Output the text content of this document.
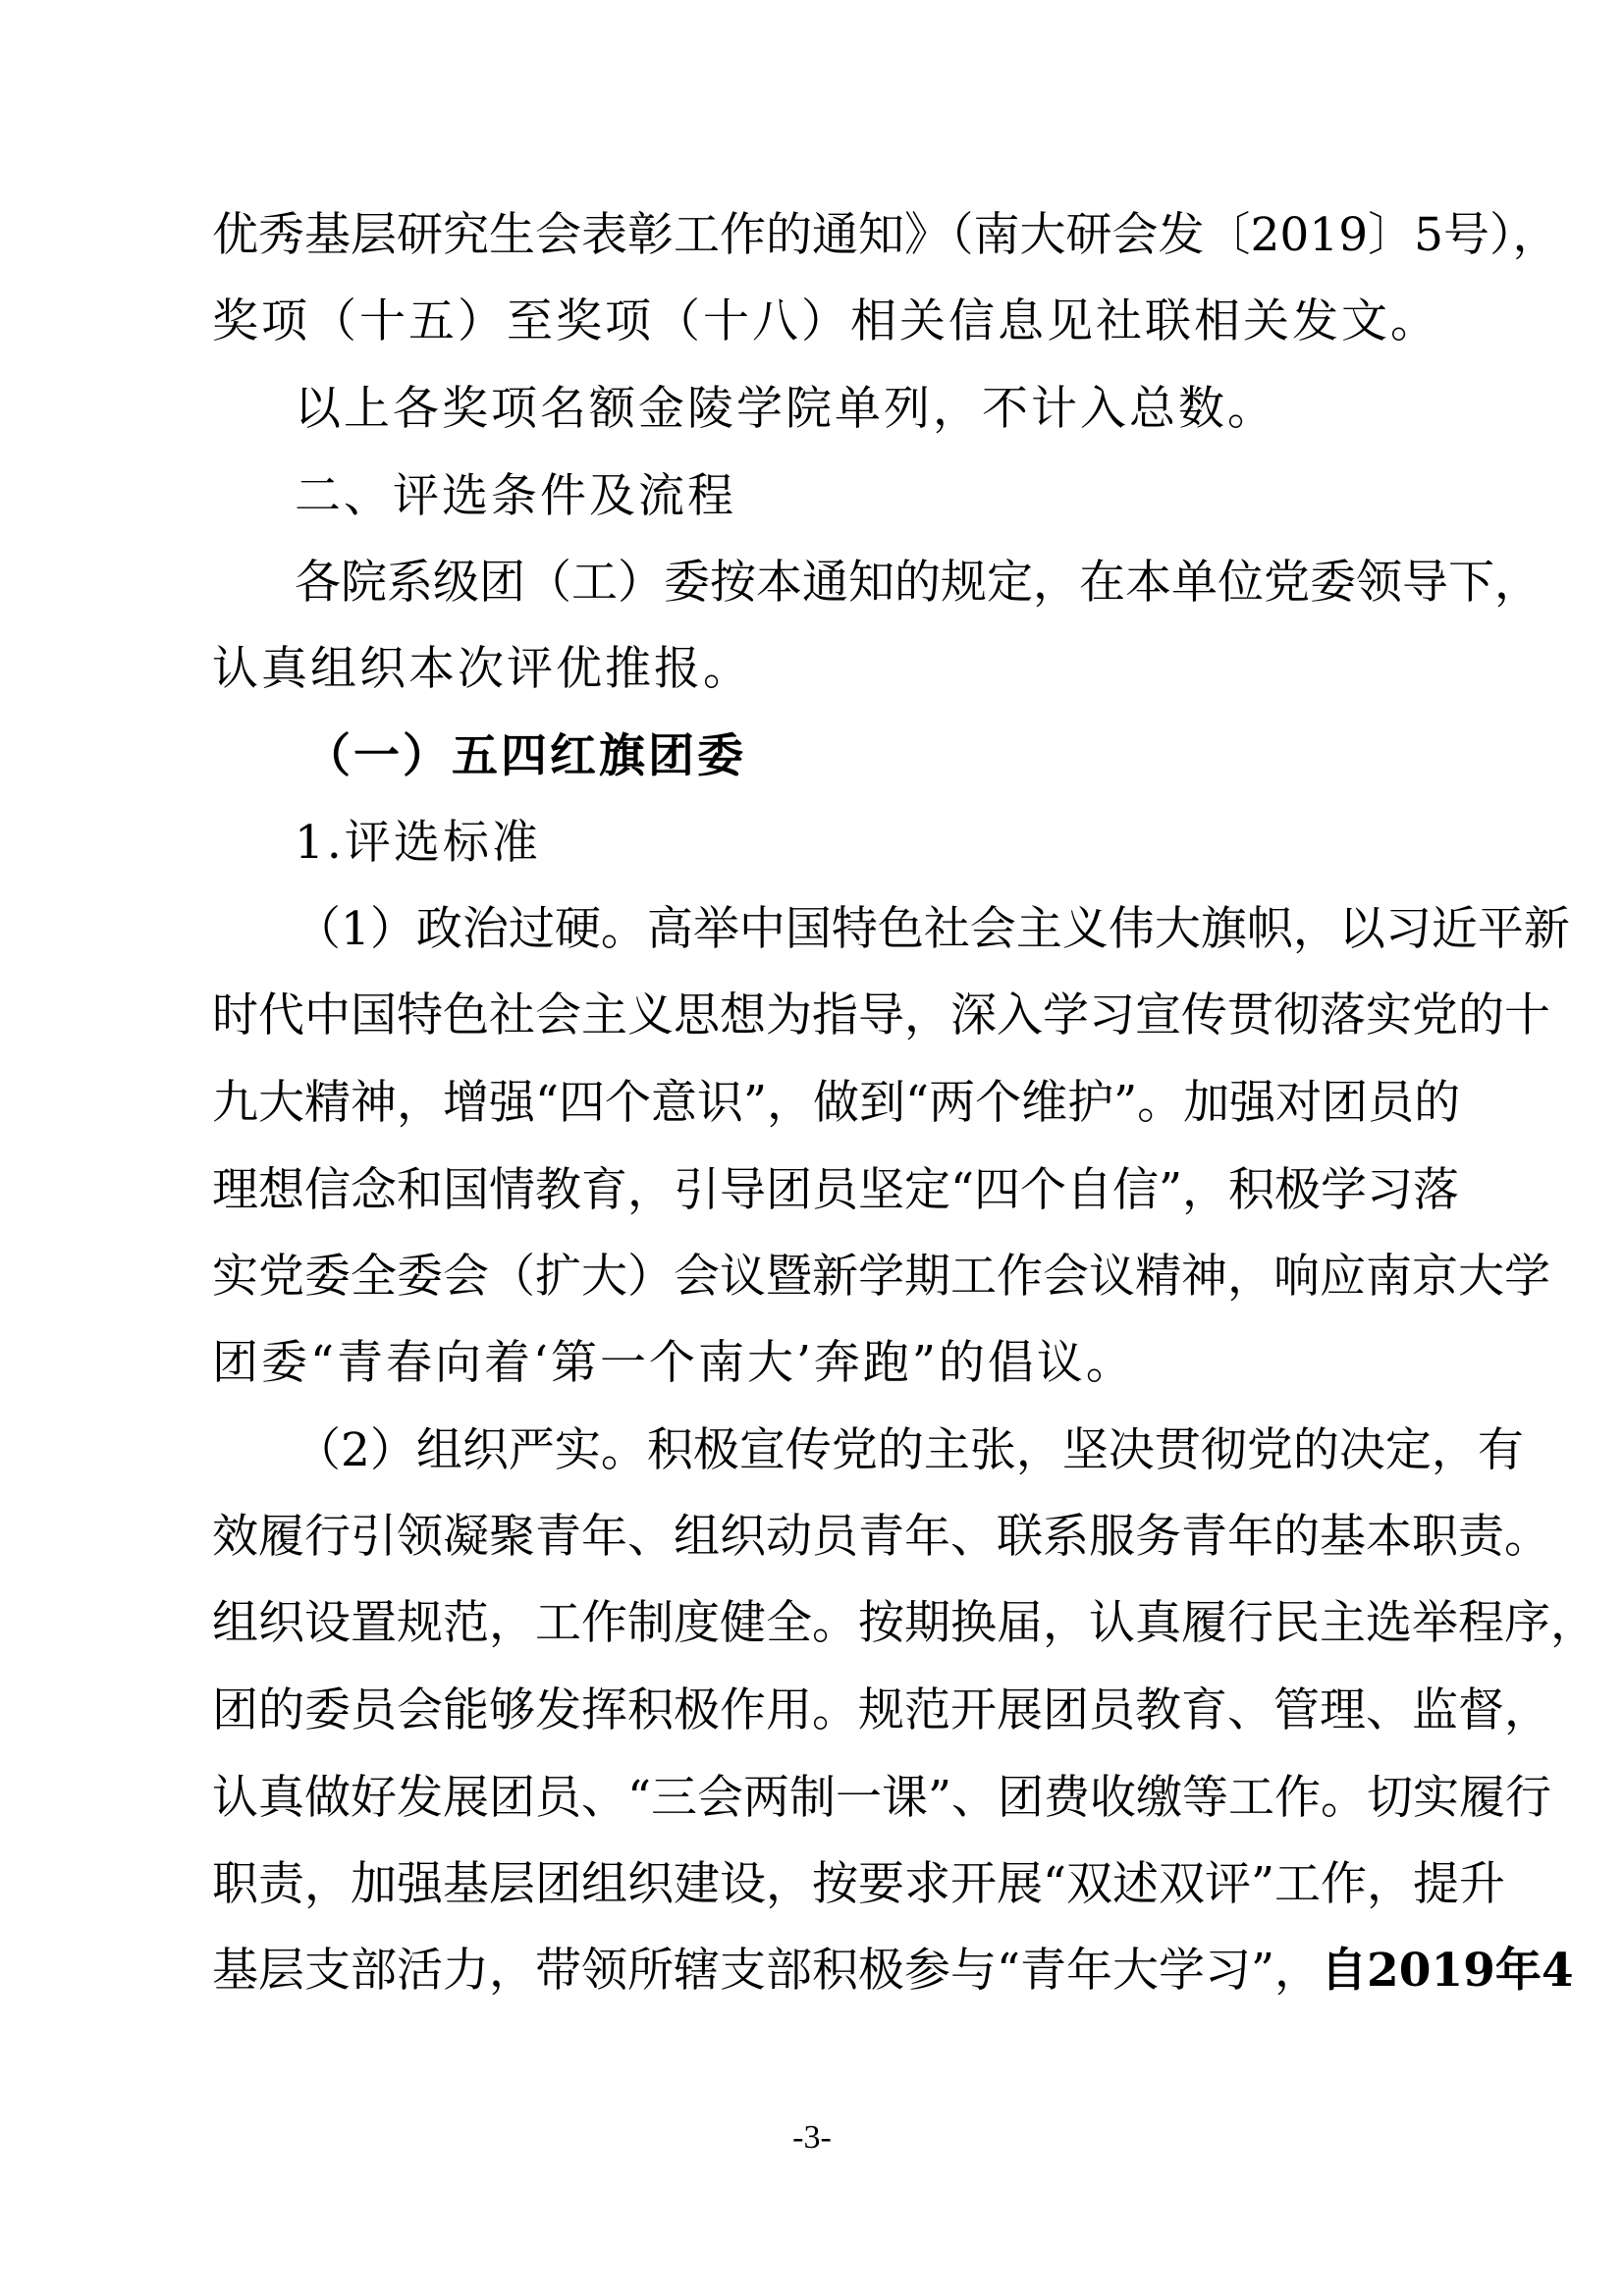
优秀基层研究生会表彰工作的通知》（南大研会发〔2019〕5号），
奖项（十五）至奖项（十八）相关信息见社联相关发文。
以上各奖项名额金陵学院单列，不计入总数。
二、评选条件及流程
各院系级团（工）委按本通知的规定，在本单位党委领导下，
认真组织本次评优推报。
（一）五四红旗团委
1.评选标准
（1）政治过硬。高举中国特色社会主义伟大旗帜，以习近平新
时代中国特色社会主义思想为指导，深入学习宣传贯彻落实党的十
九大精神，增强“四个意识”，做到“两个维护”。加强对团员的
理想信念和国情教育，引导团员坚定“四个自信”，积极学习落
实党委全委会（扩大）会议暨新学期工作会议精神，响应南京大学
团委“青春向着‘第一个南大’奔跑”的倡议。
（2）组织严实。积极宣传党的主张，坚决贯彻党的决定，有
效履行引领凝聚青年、组织动员青年、联系服务青年的基本职责。
组织设置规范，工作制度健全。按期换届，认真履行民主选举程序，
团的委员会能够发挥积极作用。规范开展团员教育、管理、监督，
认真做好发展团员、“三会两制一课”、团费收缴等工作。切实履行
职责，加强基层团组织建设，按要求开展“双述双评”工作，提升
基层支部活力，带领所辖支部积极参与“青年大学习”，自2019年4
-3-
